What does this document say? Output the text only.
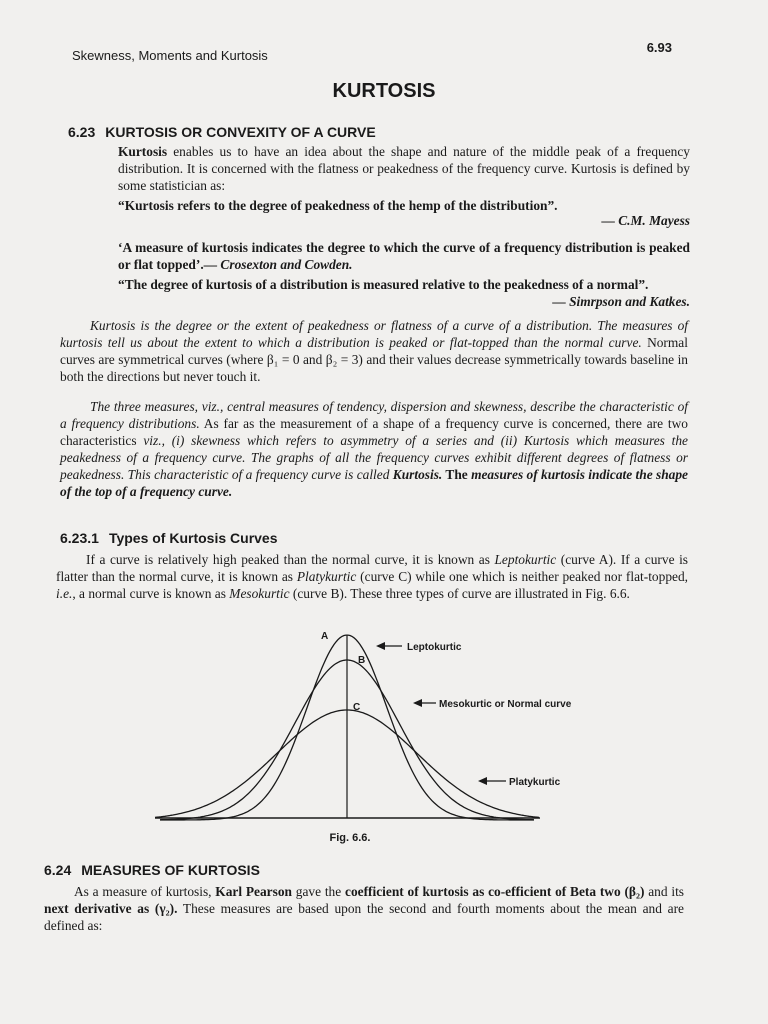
Skewness, Moments and Kurtosis
6.93
KURTOSIS
6.23 KURTOSIS OR CONVEXITY OF A CURVE

Kurtosis enables us to have an idea about the shape and nature of the middle peak of a frequency distribution. It is concerned with the flatness or peakedness of the frequency curve. Kurtosis is defined by some statistician as:

“Kurtosis refers to the degree of peakedness of the hemp of the distribution”.
— C.M. Mayess

‘A measure of kurtosis indicates the degree to which the curve of a frequency distribution is peaked or flat topped’.— Crosexton and Cowden.

“The degree of kurtosis of a distribution is measured relative to the peakedness of a normal”.
— Simrpson and Katkes.

Kurtosis is the degree or the extent of peakedness or flatness of a curve of a distribution. The measures of kurtosis tell us about the extent to which a distribution is peaked or flat-topped than the normal curve. Normal curves are symmetrical curves (where β₁ = 0 and β₂ = 3) and their values decrease symmetrically towards baseline in both the directions but never touch it.

The three measures, viz., central measures of tendency, dispersion and skewness, describe the characteristic of a frequency distributions. As far as the measurement of a shape of a frequency curve is concerned, there are two characteristics viz., (i) skewness which refers to asymmetry of a series and (ii) Kurtosis which measures the peakedness of a frequency curve. The graphs of all the frequency curves exhibit different degrees of flatness or peakedness. This characteristic of a frequency curve is called Kurtosis. The measures of kurtosis indicate the shape of the top of a frequency curve.

6.23.1 Types of Kurtosis Curves

If a curve is relatively high peaked than the normal curve, it is known as Leptokurtic (curve A). If a curve is flatter than the normal curve, it is known as Platykurtic (curve C) while one which is neither peaked nor flat-topped, i.e., a normal curve is known as Mesokurtic (curve B). These three types of curve are illustrated in Fig. 6.6.

A
B
C
Leptokurtic
Mesokurtic or Normal curve
Platykurtic
Fig. 6.6.
6.24 MEASURES OF KURTOSIS

As a measure of kurtosis, Karl Pearson gave the coefficient of kurtosis as co-efficient of Beta two (β₂) and its next derivative as (γ₂). These measures are based upon the second and fourth moments about the mean and are defined as:
